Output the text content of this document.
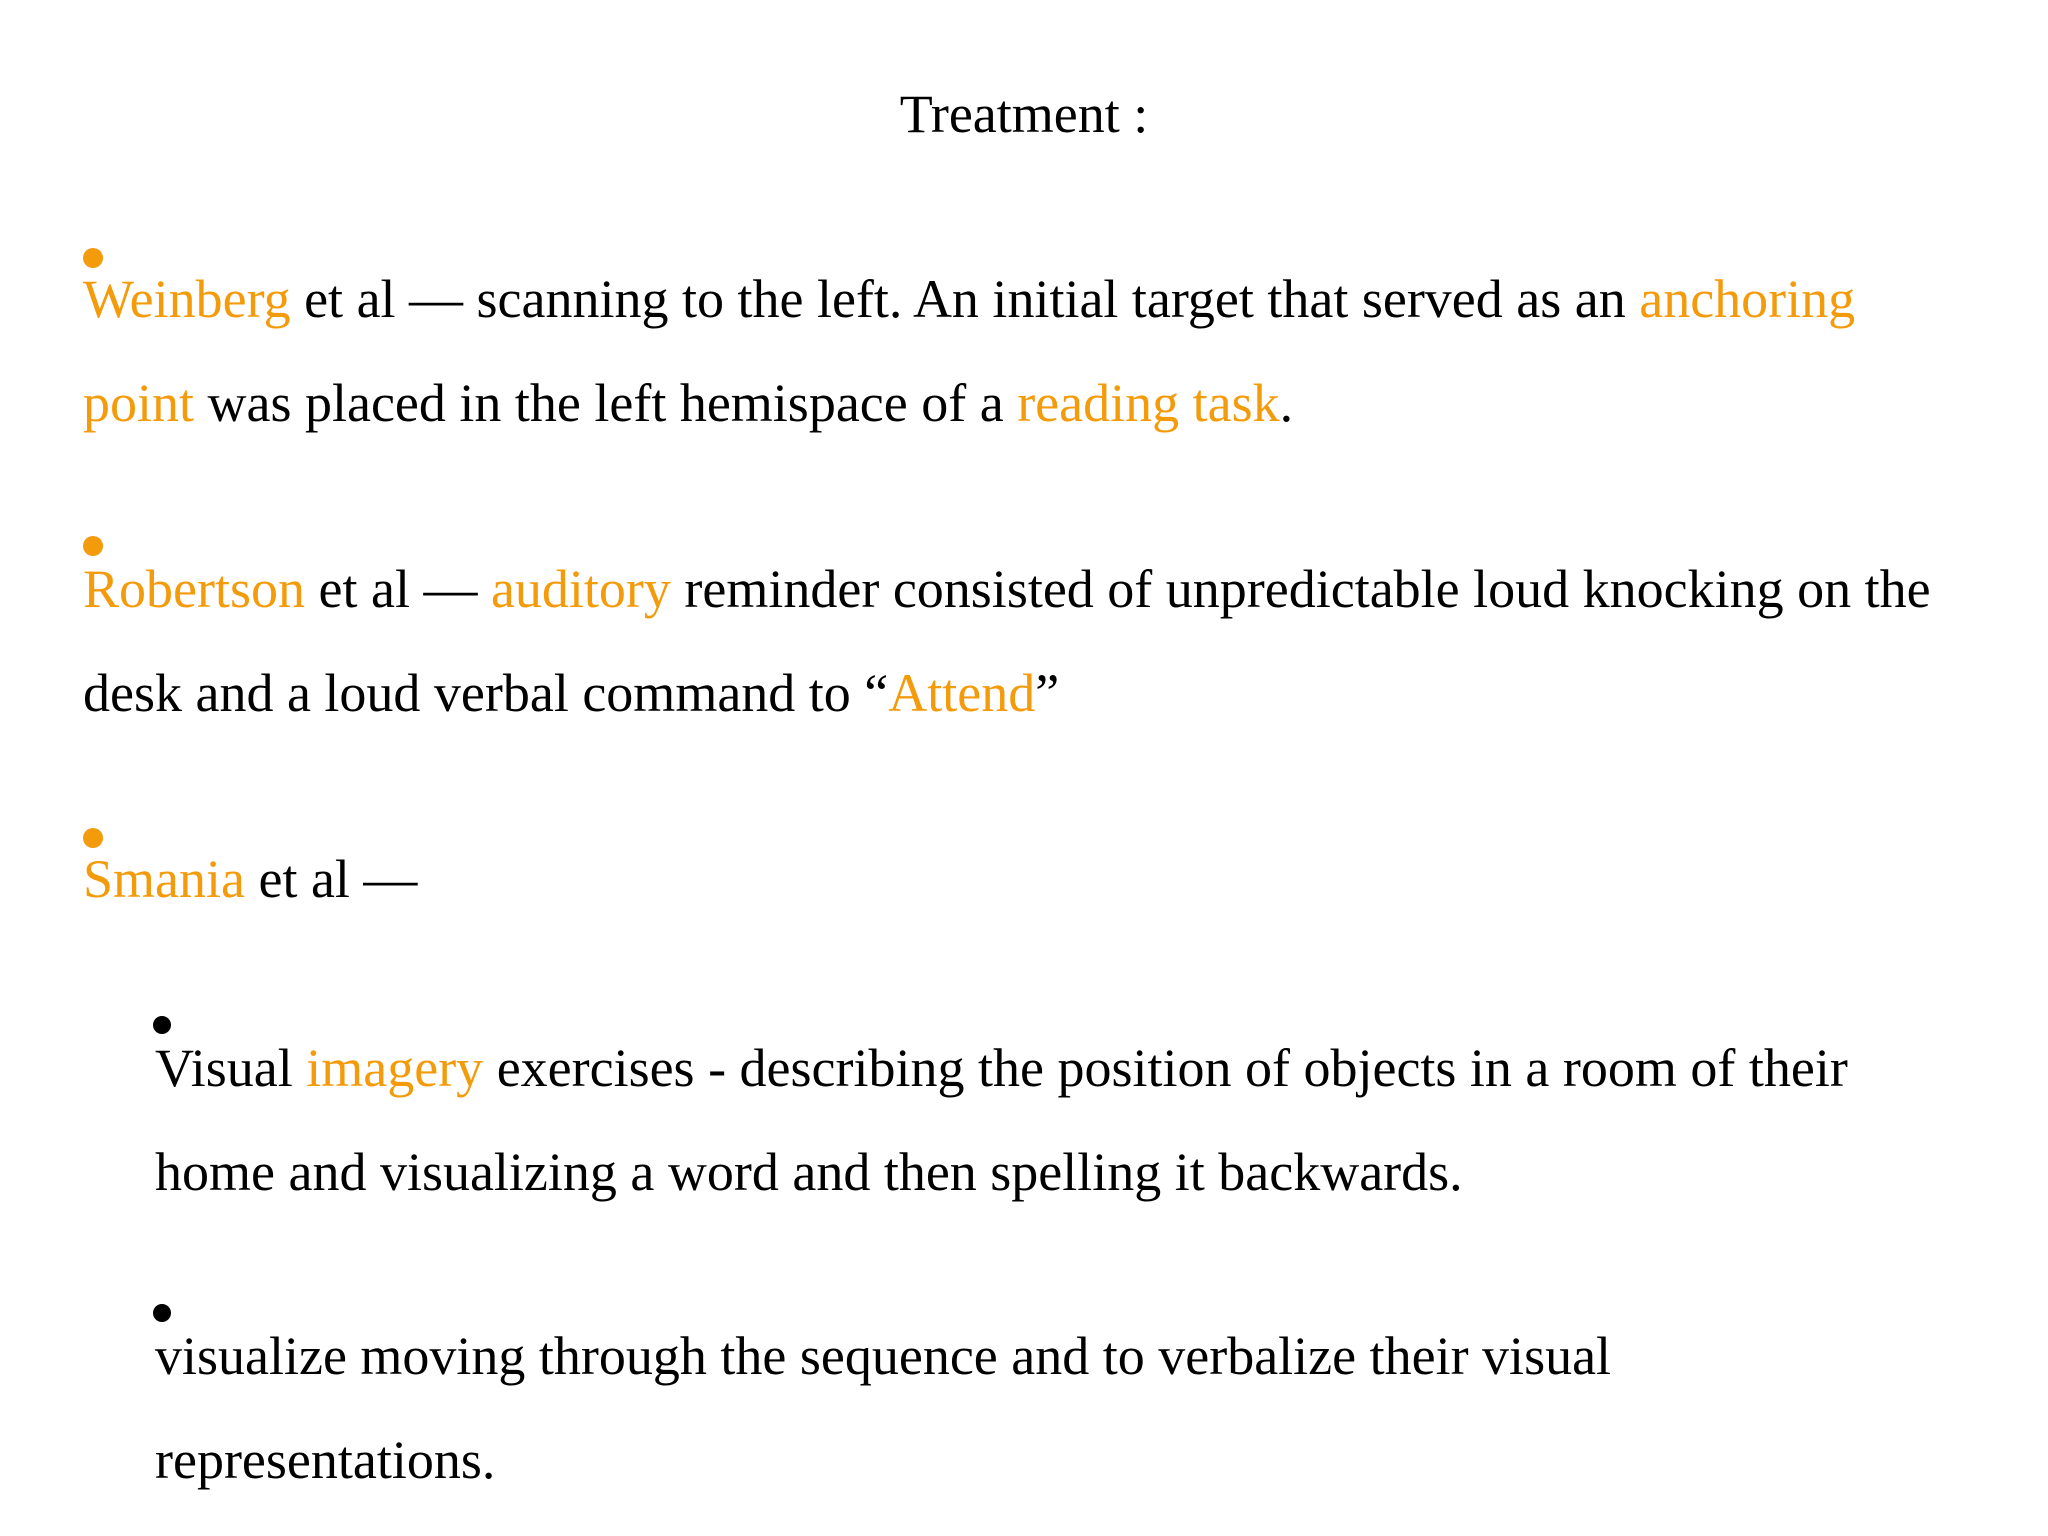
Treatment :
Weinberg et al — scanning to the left. An initial target that served as an anchoring
point was placed in the left hemispace of a reading task.
Robertson et al — auditory reminder consisted of unpredictable loud knocking on the
desk and a loud verbal command to “Attend”
Smania et al —
Visual imagery exercises - describing the position of objects in a room of their
home and visualizing a word and then spelling it backwards.
visualize moving through the sequence and to verbalize their visual
representations.
